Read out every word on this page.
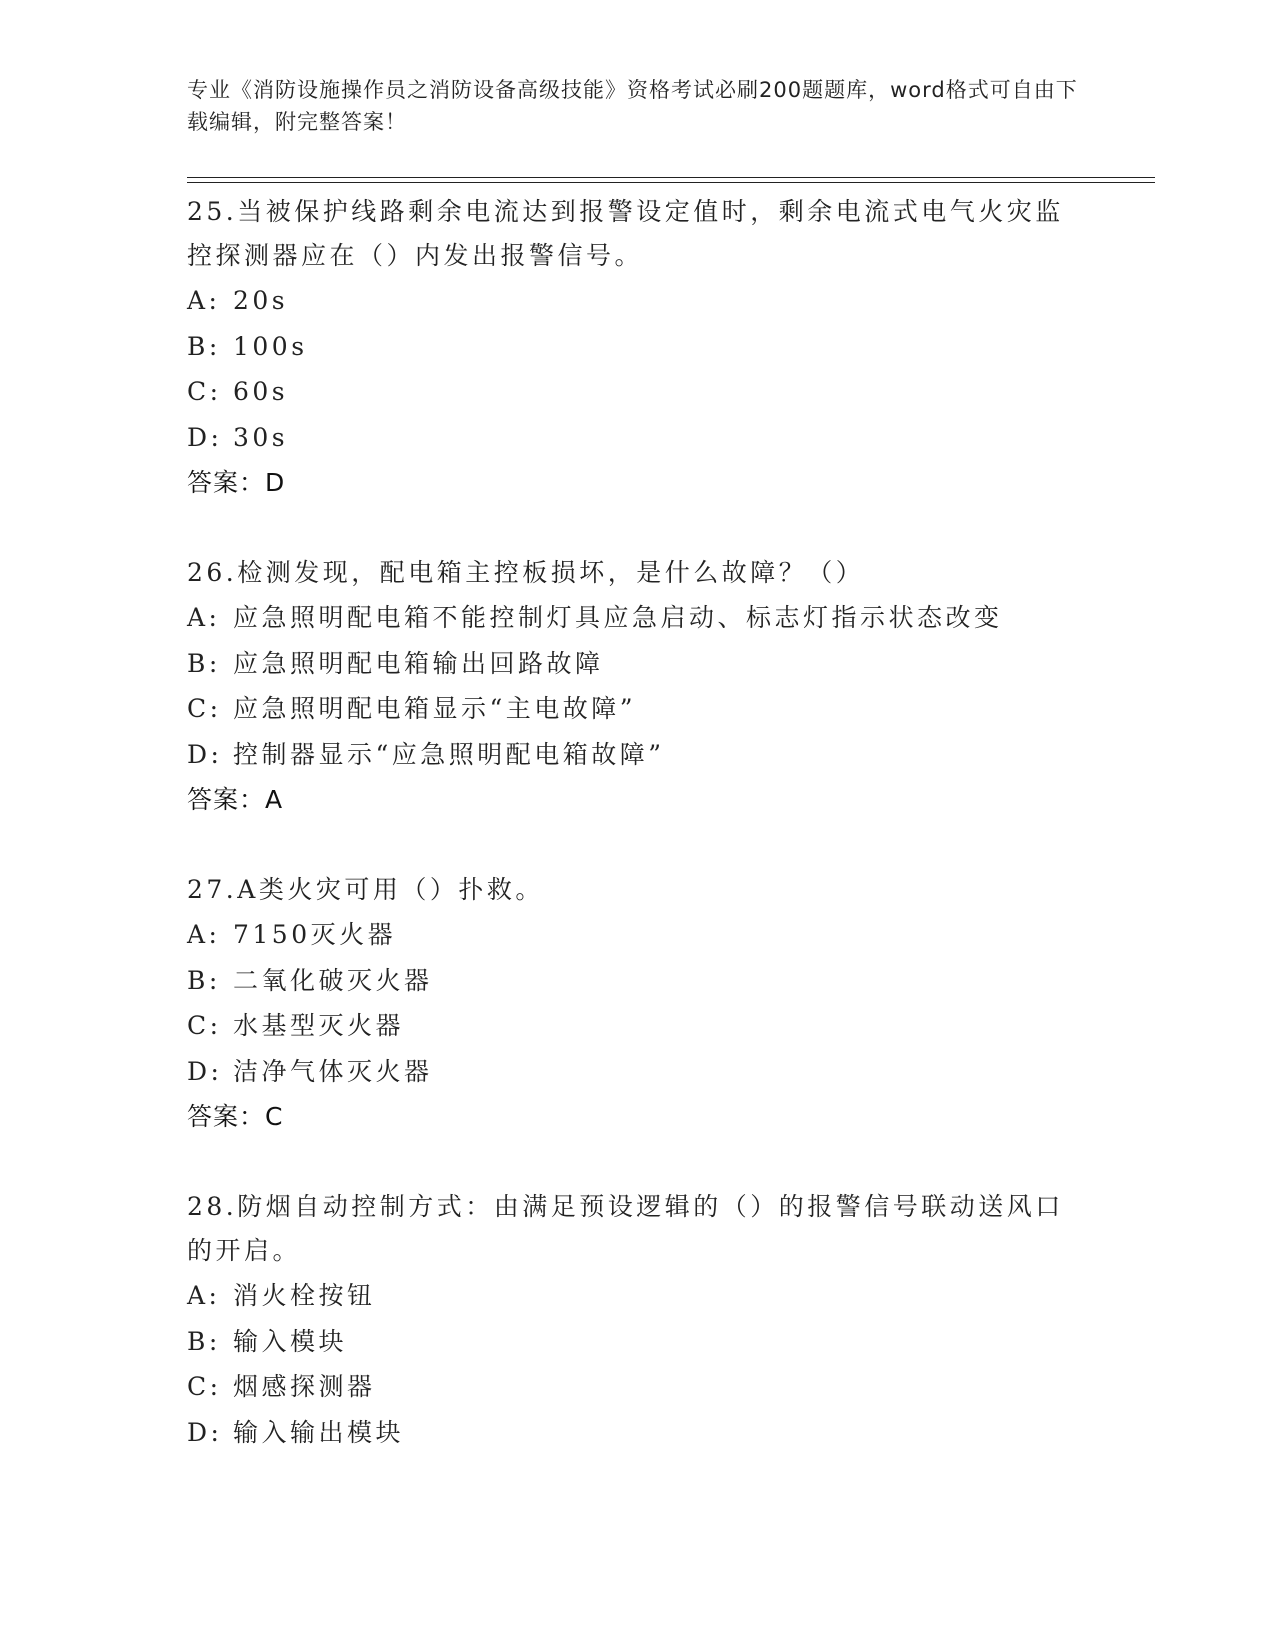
专业《消防设施操作员之消防设备高级技能》资格考试必刷200题题库，word格式可自由下载编辑，附完整答案！
25.当被保护线路剩余电流达到报警设定值时，剩余电流式电气火灾监控探测器应在（）内发出报警信号。
A: 20s
B: 100s
C: 60s
D: 30s
答案：D
26.检测发现，配电箱主控板损坏，是什么故障？（）
A: 应急照明配电箱不能控制灯具应急启动、标志灯指示状态改变
B: 应急照明配电箱输出回路故障
C: 应急照明配电箱显示“主电故障”
D: 控制器显示“应急照明配电箱故障”
答案：A
27.A类火灾可用（）扑救。
A: 7150灭火器
B: 二氧化破灭火器
C: 水基型灭火器
D: 洁净气体灭火器
答案：C
28.防烟自动控制方式：由满足预设逻辑的（）的报警信号联动送风口的开启。
A: 消火栓按钮
B: 输入模块
C: 烟感探测器
D: 输入输出模块
